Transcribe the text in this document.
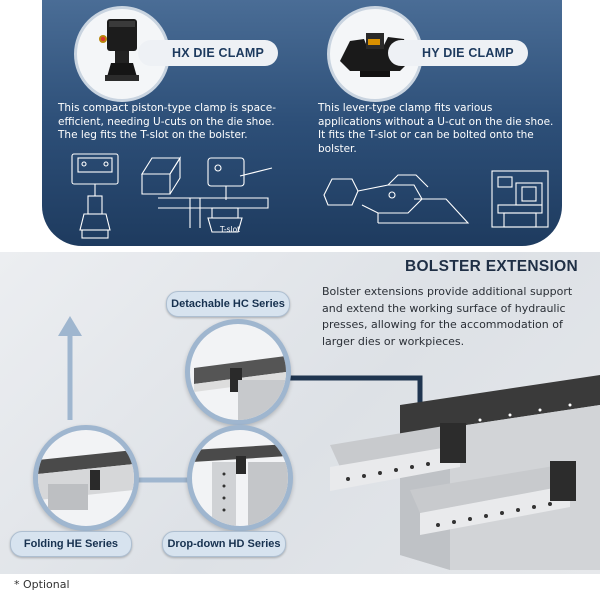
HX DIE CLAMP
This compact piston-type clamp is space-efficient, needing U-cuts on the die shoe. The leg fits the T-slot on the bolster.
T-slot
HY DIE CLAMP
This lever-type clamp fits various applications without a U-cut on the die shoe. It fits the T-slot or can be bolted onto the bolster.
BOLSTER EXTENSION
Bolster extensions provide additional support and extend the working surface of hydraulic presses, allowing for the accommodation of larger dies or workpieces.
Detachable HC Series
Folding HE Series	Drop-down HD Series
* Optional
